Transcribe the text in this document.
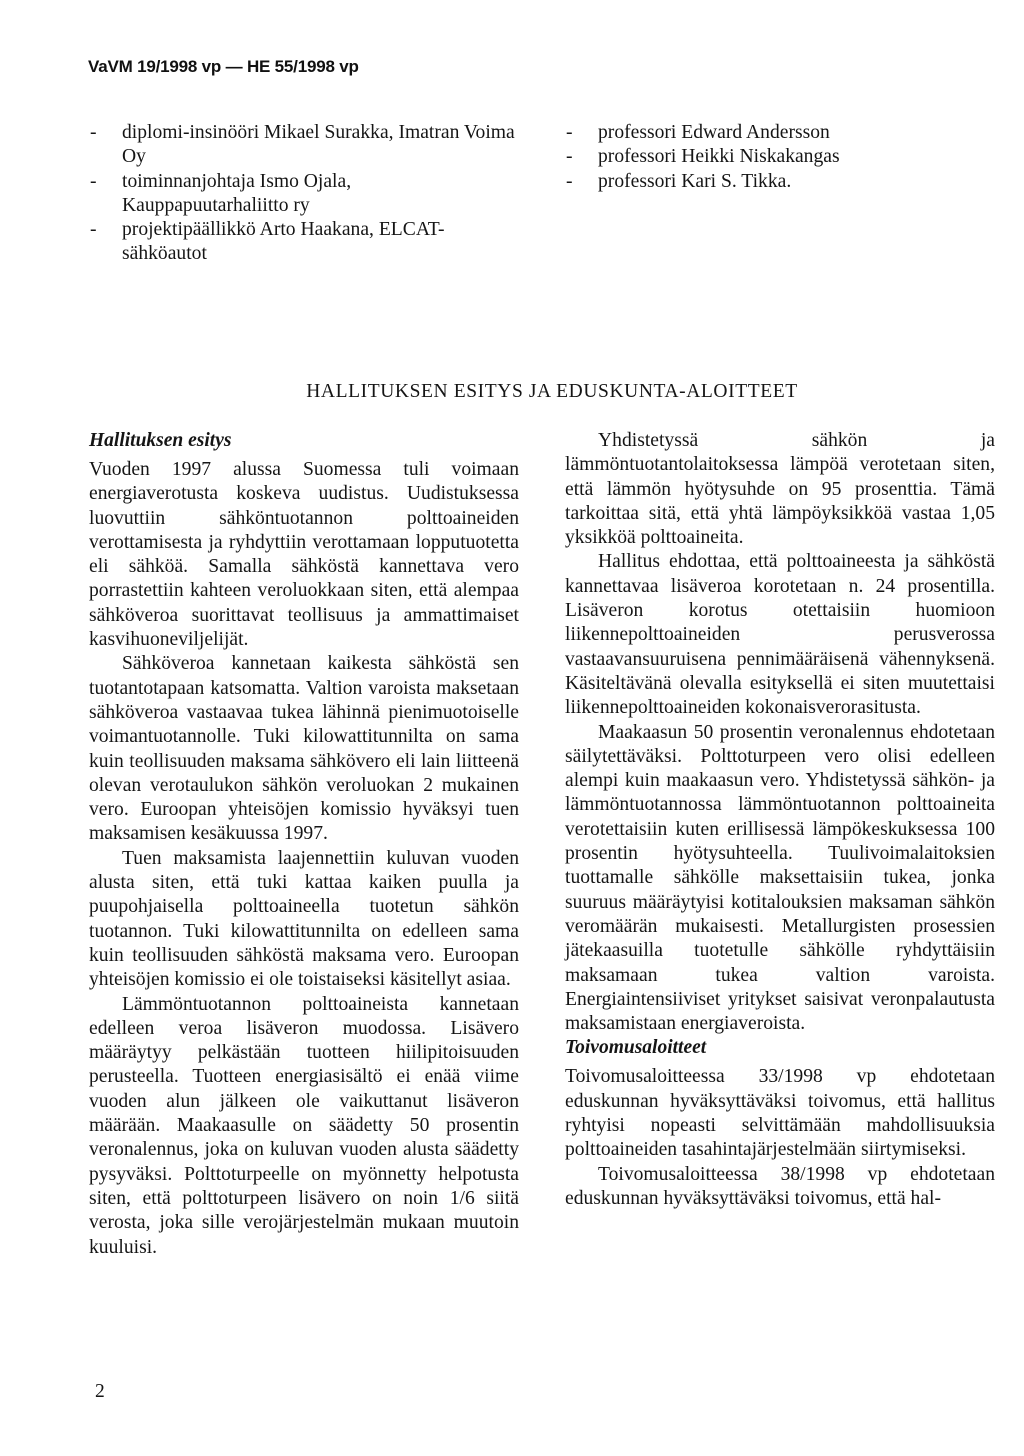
VaVM 19/1998 vp — HE 55/1998 vp
- diplomi-insinööri Mikael Surakka, Imatran Voima Oy
- toiminnanjohtaja Ismo Ojala, Kauppapuutarhaliitto ry
- projektipäällikkö Arto Haakana, ELCAT-sähköautot
- professori Edward Andersson
- professori Heikki Niskakangas
- professori Kari S. Tikka.
HALLITUKSEN ESITYS JA EDUSKUNTA-ALOITTEET
Hallituksen esitys

Vuoden 1997 alussa Suomessa tuli voimaan energiaverotusta koskeva uudistus. Uudistuksessa luovuttiin sähköntuotannon polttoaineiden verottamisesta ja ryhdyttiin verottamaan lopputuotetta eli sähköä. Samalla sähköstä kannettava vero porrastettiin kahteen veroluokkaan siten, että alempaa sähköveroa suorittavat teollisuus ja ammattimaiset kasvihuoneviljelijät.

Sähköveroa kannetaan kaikesta sähköstä sen tuotantotapaan katsomatta. Valtion varoista maksetaan sähköveroa vastaavaa tukea lähinnä pienimuotoiselle voimantuotannolle. Tuki kilowattitunnilta on sama kuin teollisuuden maksama sähkövero eli lain liitteenä olevan verotaulukon sähkön veroluokan 2 mukainen vero. Euroopan yhteisöjen komissio hyväksyi tuen maksamisen kesäkuussa 1997.

Tuen maksamista laajennettiin kuluvan vuoden alusta siten, että tuki kattaa kaiken puulla ja puupohjaisella polttoaineella tuotetun sähkön tuotannon. Tuki kilowattitunnilta on edelleen sama kuin teollisuuden sähköstä maksama vero. Euroopan yhteisöjen komissio ei ole toistaiseksi käsitellyt asiaa.

Lämmöntuotannon polttoaineista kannetaan edelleen veroa lisäveron muodossa. Lisävero määräytyy pelkästään tuotteen hiilipitoisuuden perusteella. Tuotteen energiasisältö ei enää viime vuoden alun jälkeen ole vaikuttanut lisäveron määrään. Maakaasulle on säädetty 50 prosentin veronalennus, joka on kuluvan vuoden alusta säädetty pysyväksi. Polttoturpeelle on myönnetty helpotusta siten, että polttoturpeen lisävero on noin 1/6 siitä verosta, joka sille verojärjestelmän mukaan muutoin kuuluisi.

Yhdistetyssä sähkön ja lämmöntuotantolaitoksessa lämpöä verotetaan siten, että lämmön hyötysuhde on 95 prosenttia. Tämä tarkoittaa sitä, että yhtä lämpöyksikköä vastaa 1,05 yksikköä polttoaineita.

Hallitus ehdottaa, että polttoaineesta ja sähköstä kannettavaa lisäveroa korotetaan n. 24 prosentilla. Lisäveron korotus otettaisiin huomioon liikennepolttoaineiden perusverossa vastaavansuuruisena pennimääräisenä vähennyksenä. Käsiteltävänä olevalla esityksellä ei siten muutettaisi liikennepolttoaineiden kokonaisverorasitusta.

Maakaasun 50 prosentin veronalennus ehdotetaan säilytettäväksi. Polttoturpeen vero olisi edelleen alempi kuin maakaasun vero. Yhdistetyssä sähkön- ja lämmöntuotannossa lämmöntuotannon polttoaineita verotettaisiin kuten erillisessä lämpökeskuksessa 100 prosentin hyötysuhteella. Tuulivoimalaitoksien tuottamalle sähkölle maksettaisiin tukea, jonka suuruus määräytyisi kotitalouksien maksaman sähkön veromäärän mukaisesti. Metallurgisten prosessien jätekaasuilla tuotetulle sähkölle ryhdyttäisiin maksamaan tukea valtion varoista. Energiaintensiiviset yritykset saisivat veronpalautusta maksamistaan energiaveroista.

Toivomusaloitteet

Toivomusaloitteessa 33/1998 vp ehdotetaan eduskunnan hyväksyttäväksi toivomus, että hallitus ryhtyisi nopeasti selvittämään mahdollisuuksia polttoaineiden tasahintajärjestelmään siirtymiseksi.

Toivomusaloitteessa 38/1998 vp ehdotetaan eduskunnan hyväksyttäväksi toivomus, että hal-

2
